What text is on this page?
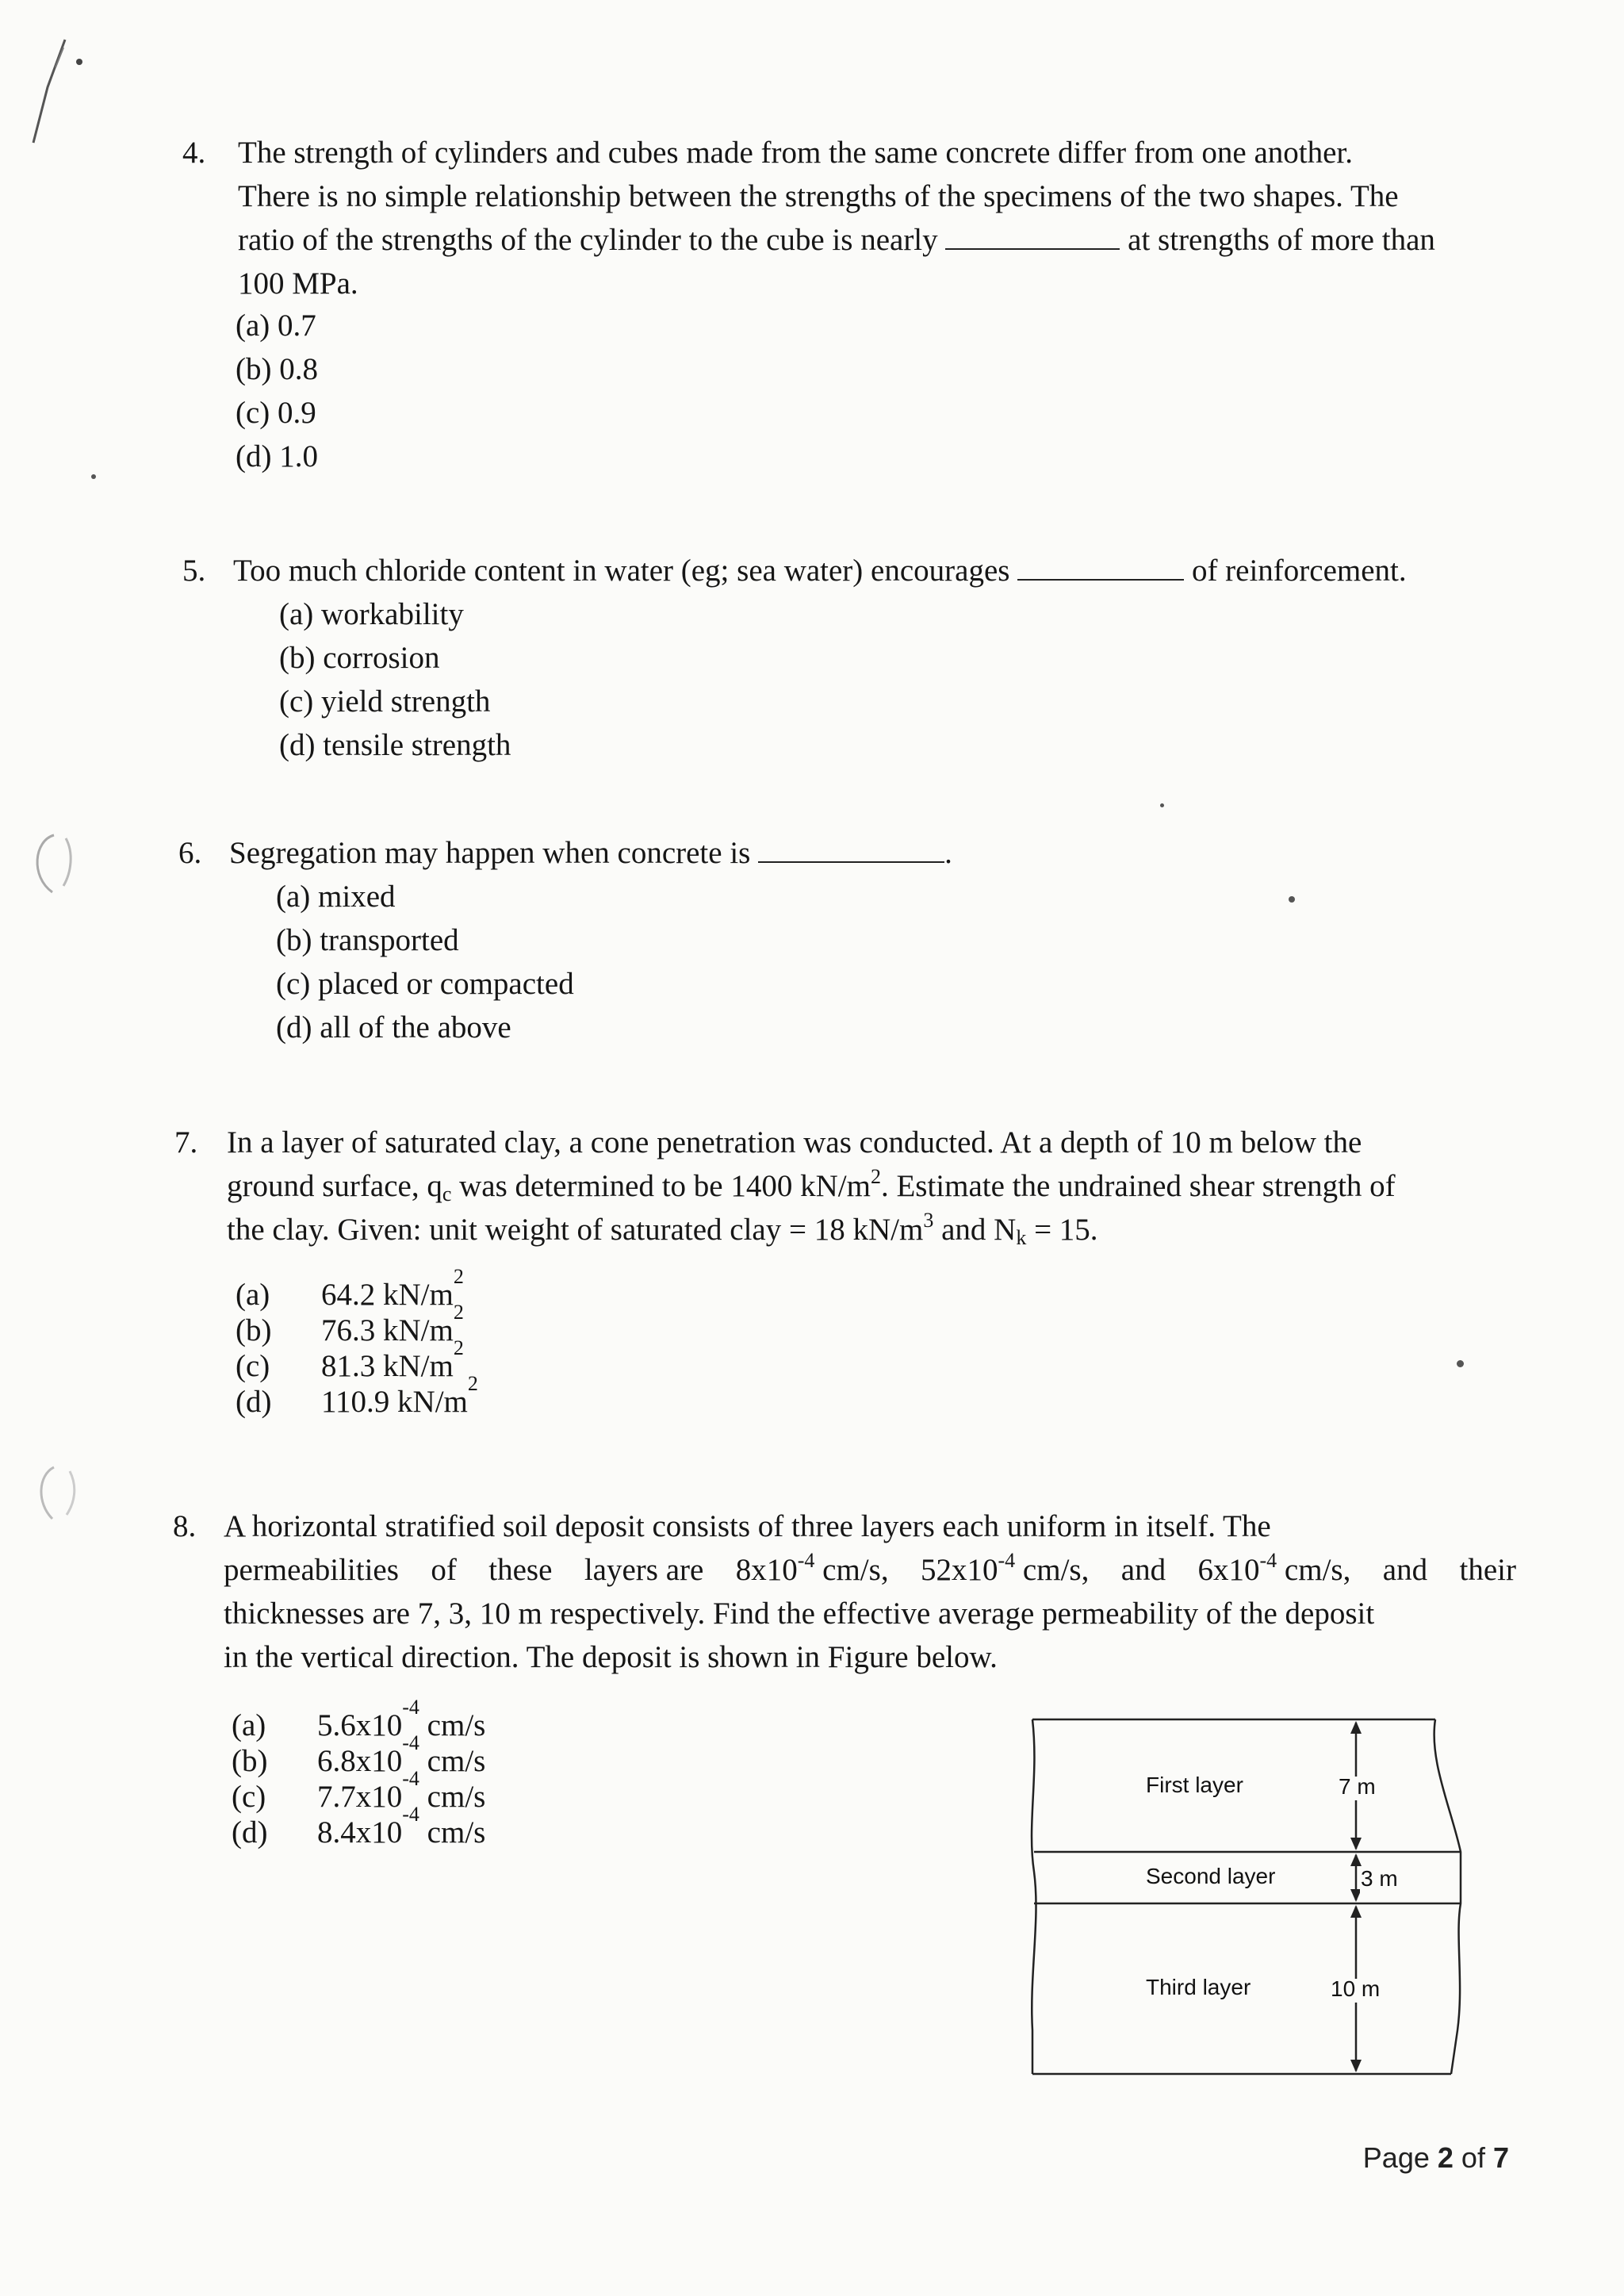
4. The strength of cylinders and cubes made from the same concrete differ from one another.
There is no simple relationship between the strengths of the specimens of the two shapes. The
ratio of the strengths of the cylinder to the cube is nearly	at strengths of more than
100 MPa.
(a) 0.7
(b) 0.8
(c) 0.9
(d) 1.0
5. Too much chloride content in water (eg; sea water) encourages	of reinforcement.
(a) workability
(b) corrosion
(c) yield strength
(d) tensile strength
6. Segregation may happen when concrete is	.
(a) mixed
(b) transported
(c) placed or compacted
(d) all of the above
7. In a layer of saturated clay, a cone penetration was conducted. At a depth of 10 m below the
ground surface, $q_c$ was determined to be 1400 $kN/m^2$. Estimate the undrained shear strength of
the clay. Given: unit weight of saturated clay = 18 $kN/m^3$ and $N_k = 15$.
(a)	64.2 kN/m
2
(b)	76.3 kN/m
2
(c)	81.3 kN/m
2
(d)	110.9 kN/m
2
8. A horizontal stratified soil deposit consists of three layers each uniform in itself. The
permeabilities of these layers are $8x10^{-4}$ cm/s, $52x10^{-4}$ cm/s, and $6x10^{-4}$ cm/s, and their
thicknesses are 7, 3, 10 m respectively. Find the effective average permeability of the deposit
in the vertical direction. The deposit is shown in Figure below.
(a)	5.6x10
-4

cm/s
(b)	6.8x10
-4

cm/s
(c)	7.7x10
-4

cm/s
(d)	8.4x10
-4

cm/s
First layer
Second layer
Third layer
7 m
3 m
10 m
Page 2 of 7
